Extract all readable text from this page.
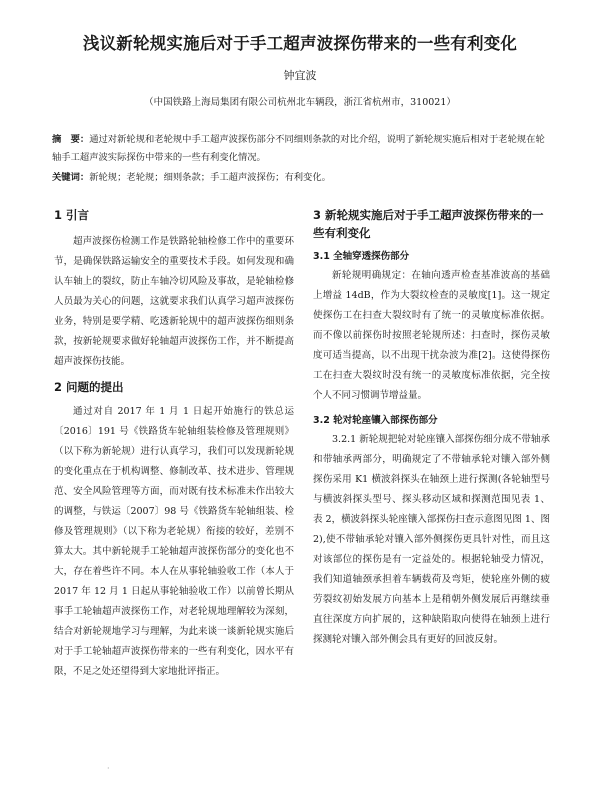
浅议新轮规实施后对于手工超声波探伤带来的一些有利变化
钟宜波
（中国铁路上海局集团有限公司杭州北车辆段，浙江省杭州市，310021）

摘　要：通过对新轮规和老轮规中手工超声波探伤部分不同细则条款的对比介绍，说明了新轮规实施后相对于老轮规在轮轴手工超声波实际探伤中带来的一些有利变化情况。

关键词：新轮规；老轮规；细则条款；手工超声波探伤；有利变化。

1 引言

超声波探伤检测工作是铁路轮轴检修工作中的重要环节，是确保铁路运输安全的重要技术手段。如何发现和确认车轴上的裂纹，防止车轴冷切风险及事故，是轮轴检修人员最为关心的问题，这就要求我们认真学习超声波探伤业务，特别是要学精、吃透新轮规中的超声波探伤细则条款，按新轮规要求做好轮轴超声波探伤工作，并不断提高超声波探伤技能。

2 问题的提出

通过对自 2017 年 1 月 1 日起开始施行的铁总运〔2016〕191 号《铁路货车轮轴组装检修及管理规则》（以下称为新轮规）进行认真学习，我们可以发现新轮规的变化重点在于机构调整、修制改革、技术进步、管理规范、安全风险管理等方面，而对既有技术标准未作出较大的调整，与铁运〔2007〕98 号《铁路货车轮轴组装、检修及管理规则》（以下称为老轮规）衔接的较好，差别不算太大。其中新轮规手工轮轴超声波探伤部分的变化也不大，存在着些许不同。本人在从事轮轴验收工作（本人于 2017 年 12 月 1 日起从事轮轴验收工作）以前曾长期从事手工轮轴超声波探伤工作，对老轮规地理解较为深刻，结合对新轮规地学习与理解，为此来谈一谈新轮规实施后对于手工轮轴超声波探伤带来的一些有利变化，因水平有限，不足之处还望得到大家地批评指正。

3 新轮规实施后对于手工超声波探伤带来的一些有利变化
3.1 全轴穿透探伤部分

新轮规明确规定：在轴向透声检查基准波高的基础上增益 14dB，作为大裂纹检查的灵敏度[1]。这一规定使探伤工在扫查大裂纹时有了统一的灵敏度标准依据。而不像以前探伤时按照老轮规所述：扫查时，探伤灵敏度可适当提高，以不出现干扰杂波为准[2]。这使得探伤工在扫查大裂纹时没有统一的灵敏度标准依据，完全按个人不同习惯调节增益量。

3.2 轮对轮座镶入部探伤部分

3.2.1 新轮规把轮对轮座镶入部探伤细分成不带轴承和带轴承两部分，明确规定了不带轴承轮对镶入部外侧探伤采用 K1 横波斜探头在轴颈上进行探测(各轮轴型号与横波斜探头型号、探头移动区域和探测范围见表 1、表 2，横波斜探头轮座镶入部探伤扫查示意图见图 1、图 2),使不带轴承轮对镶入部外侧探伤更具针对性，而且这对该部位的探伤是有一定益处的。根据轮轴受力情况，我们知道轴颈承担着车辆载荷及弯矩，使轮座外侧的疲劳裂纹初始发展方向基本上是稍朝外侧发展后再继续垂直往深度方向扩展的，这种缺陷取向使得在轴颈上进行探测轮对镶入部外侧会具有更好的回波反射。

·
